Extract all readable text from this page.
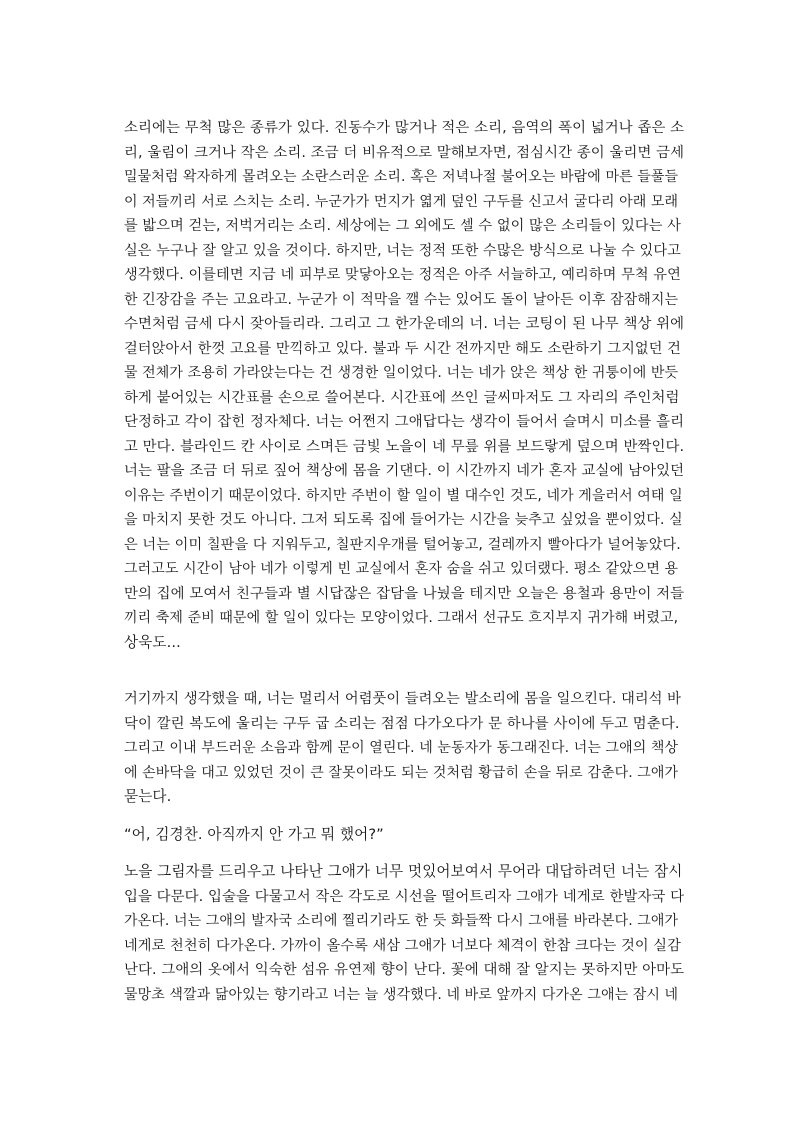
소리에는 무척 많은 종류가 있다. 진동수가 많거나 적은 소리, 음역의 폭이 넓거나 좁은 소
리, 울림이 크거나 작은 소리. 조금 더 비유적으로 말해보자면, 점심시간 종이 울리면 금세
밀물처럼 왁자하게 몰려오는 소란스러운 소리. 혹은 저녁나절 불어오는 바람에 마른 들풀들
이 저들끼리 서로 스치는 소리. 누군가가 먼지가 엷게 덮인 구두를 신고서 굴다리 아래 모래
를 밟으며 걷는, 저벅거리는 소리. 세상에는 그 외에도 셀 수 없이 많은 소리들이 있다는 사
실은 누구나 잘 알고 있을 것이다. 하지만, 너는 정적 또한 수많은 방식으로 나눌 수 있다고
생각했다. 이를테면 지금 네 피부로 맞닿아오는 정적은 아주 서늘하고, 예리하며 무척 유연
한 긴장감을 주는 고요라고. 누군가 이 적막을 깰 수는 있어도 돌이 날아든 이후 잠잠해지는
수면처럼 금세 다시 잦아들리라. 그리고 그 한가운데의 너. 너는 코팅이 된 나무 책상 위에
걸터앉아서 한껏 고요를 만끽하고 있다. 불과 두 시간 전까지만 해도 소란하기 그지없던 건
물 전체가 조용히 가라앉는다는 건 생경한 일이었다. 너는 네가 앉은 책상 한 귀퉁이에 반듯
하게 붙어있는 시간표를 손으로 쓸어본다. 시간표에 쓰인 글씨마저도 그 자리의 주인처럼
단정하고 각이 잡힌 정자체다. 너는 어쩐지 그애답다는 생각이 들어서 슬며시 미소를 흘리
고 만다. 블라인드 칸 사이로 스며든 금빛 노을이 네 무릎 위를 보드랗게 덮으며 반짝인다.
너는 팔을 조금 더 뒤로 짚어 책상에 몸을 기댄다. 이 시간까지 네가 혼자 교실에 남아있던
이유는 주번이기 때문이었다. 하지만 주번이 할 일이 별 대수인 것도, 네가 게을러서 여태 일
을 마치지 못한 것도 아니다. 그저 되도록 집에 들어가는 시간을 늦추고 싶었을 뿐이었다. 실
은 너는 이미 칠판을 다 지워두고, 칠판지우개를 털어놓고, 걸레까지 빨아다가 널어놓았다.
그러고도 시간이 남아 네가 이렇게 빈 교실에서 혼자 숨을 쉬고 있더랬다. 평소 같았으면 용
만의 집에 모여서 친구들과 별 시답잖은 잡담을 나눴을 테지만 오늘은 용철과 용만이 저들
끼리 축제 준비 때문에 할 일이 있다는 모양이었다. 그래서 선규도 흐지부지 귀가해 버렸고,
상욱도...
거기까지 생각했을 때, 너는 멀리서 어렴풋이 들려오는 발소리에 몸을 일으킨다. 대리석 바
닥이 깔린 복도에 울리는 구두 굽 소리는 점점 다가오다가 문 하나를 사이에 두고 멈춘다.
그리고 이내 부드러운 소음과 함께 문이 열린다. 네 눈동자가 동그래진다. 너는 그애의 책상
에 손바닥을 대고 있었던 것이 큰 잘못이라도 되는 것처럼 황급히 손을 뒤로 감춘다. 그애가
묻는다.
“어, 김경찬. 아직까지 안 가고 뭐 했어?”
노을 그림자를 드리우고 나타난 그애가 너무 멋있어보여서 무어라 대답하려던 너는 잠시
입을 다문다. 입술을 다물고서 작은 각도로 시선을 떨어트리자 그애가 네게로 한발자국 다
가온다. 너는 그애의 발자국 소리에 찔리기라도 한 듯 화들짝 다시 그애를 바라본다. 그애가
네게로 천천히 다가온다. 가까이 올수록 새삼 그애가 너보다 체격이 한참 크다는 것이 실감
난다. 그애의 옷에서 익숙한 섬유 유연제 향이 난다. 꽃에 대해 잘 알지는 못하지만 아마도
물망초 색깔과 닮아있는 향기라고 너는 늘 생각했다. 네 바로 앞까지 다가온 그애는 잠시 네
